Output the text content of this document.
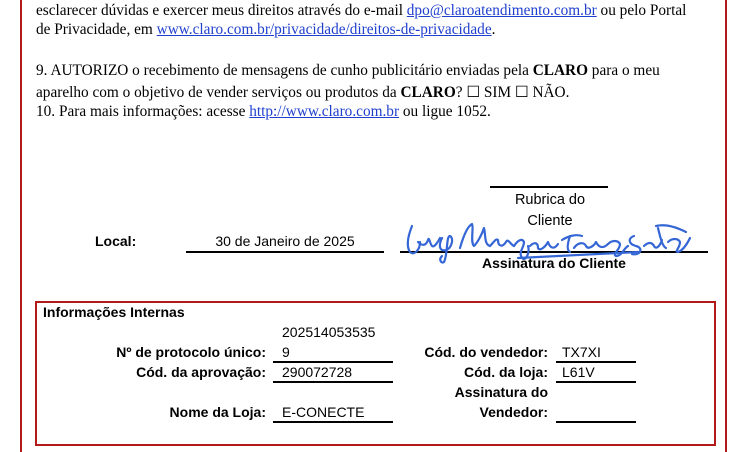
esclarecer dúvidas e exercer meus direitos através do e-mail dpo@claroatendimento.com.br ou pelo Portal
de Privacidade, em www.claro.com.br/privacidade/direitos-de-privacidade.
9. AUTORIZO o recebimento de mensagens de cunho publicitário enviadas pela CLARO para o meu
aparelho com o objetivo de vender serviços ou produtos da CLARO? ☐ SIM ☐ NÃO.
10. Para mais informações: acesse http://www.claro.com.br ou ligue 1052.
Rubrica do Cliente
Local:	30 de Janeiro de 2025
Assinatura do Cliente
Informações Internas
202514053535
Nº de protocolo único: 9
Cód. da aprovação: 290072728
Nome da Loja: E-CONECTE
Cód. do vendedor: TX7XI
Cód. da loja: L61V
Assinatura do
Vendedor:
